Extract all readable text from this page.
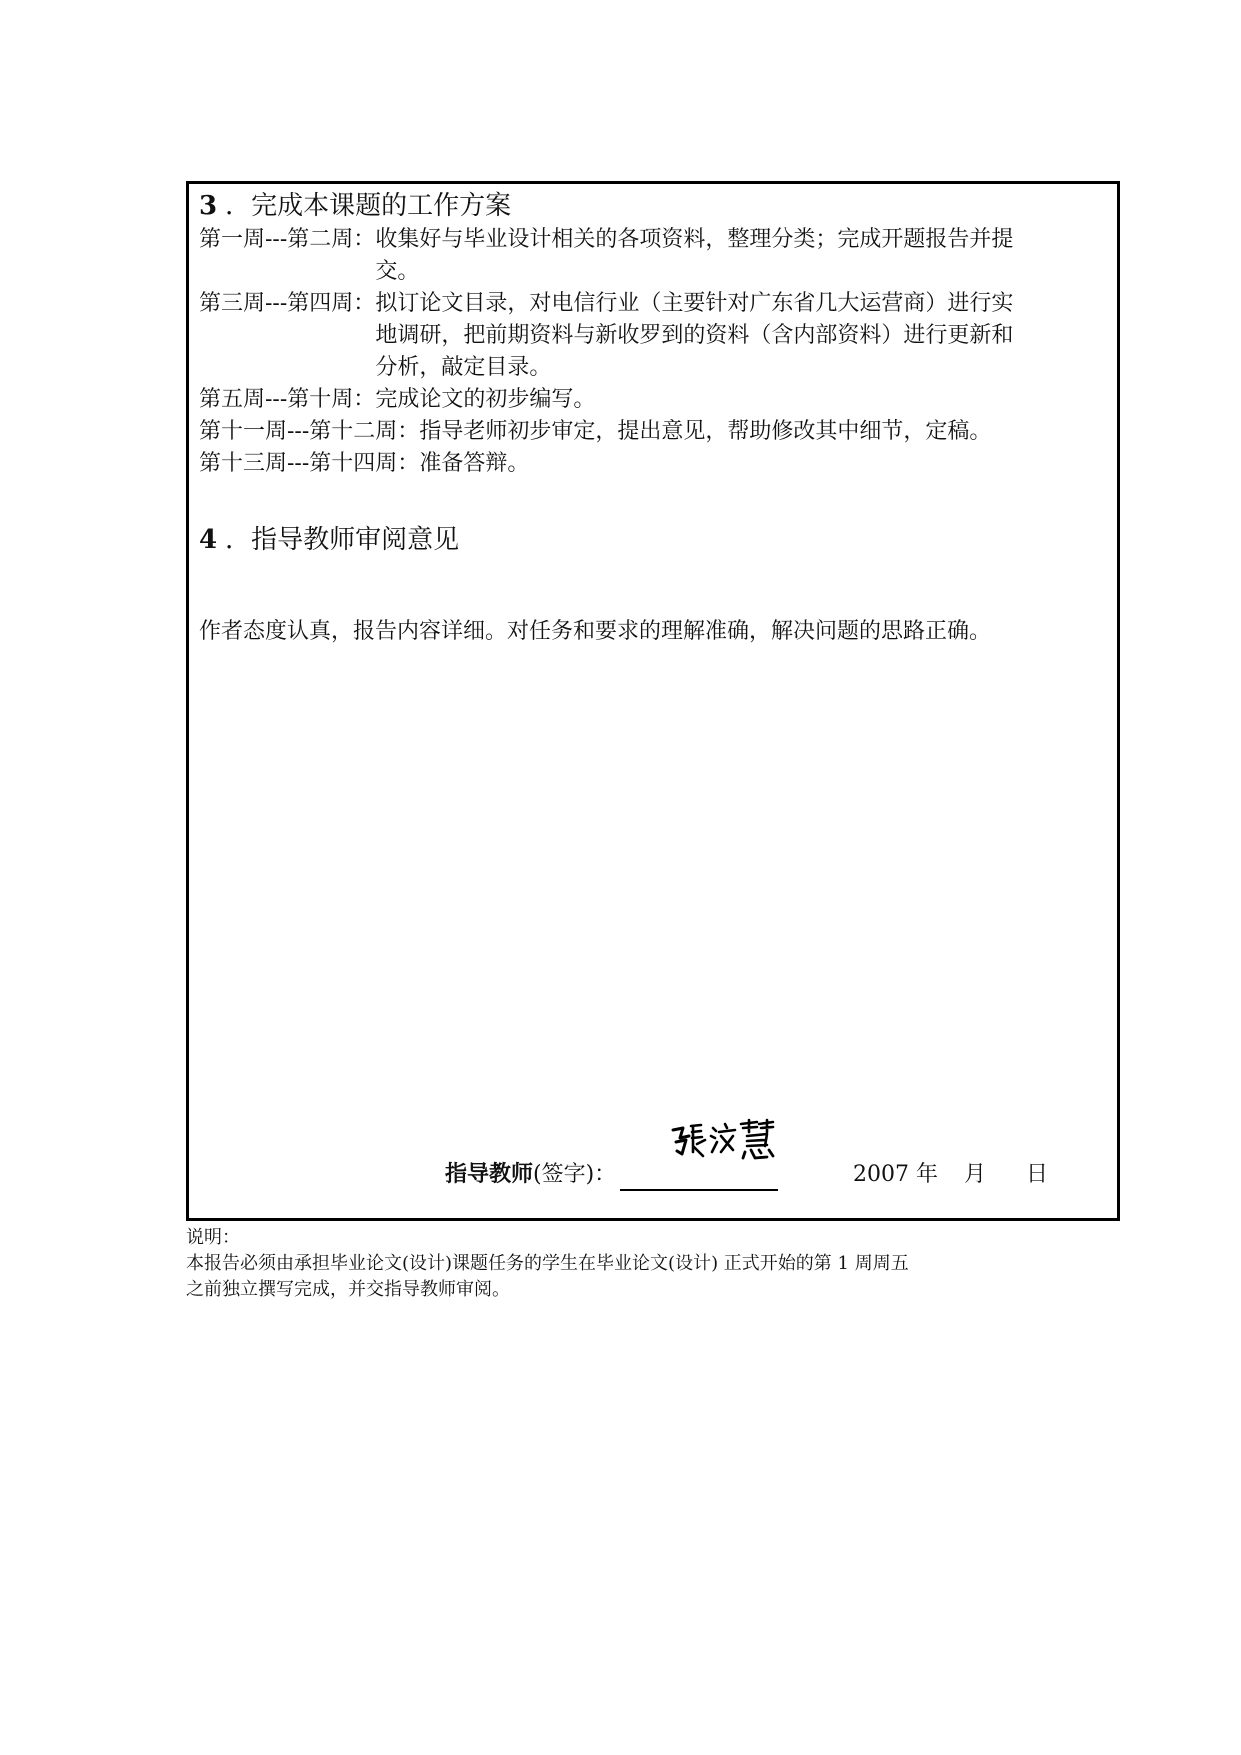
3 ．完成本课题的工作方案
第一周---第二周： 收集好与毕业设计相关的各项资料，整理分类；完成开题报告并提交。
第三周---第四周： 拟订论文目录，对电信行业（主要针对广东省几大运营商）进行实地调研，把前期资料与新收罗到的资料（含内部资料）进行更新和分析，敲定目录。
第五周---第十周： 完成论文的初步编写。
第十一周---第十二周： 指导老师初步审定，提出意见，帮助修改其中细节，定稿。
第十三周---第十四周： 准备答辩。
4 ．指导教师审阅意见
作者态度认真，报告内容详细。对任务和要求的理解准确，解决问题的思路正确。
指导教师(签字)：	2007 年 月 日
说明：
本报告必须由承担毕业论文(设计)课题任务的学生在毕业论文(设计) 正式开始的第 1 周周五
之前独立撰写完成，并交指导教师审阅。
